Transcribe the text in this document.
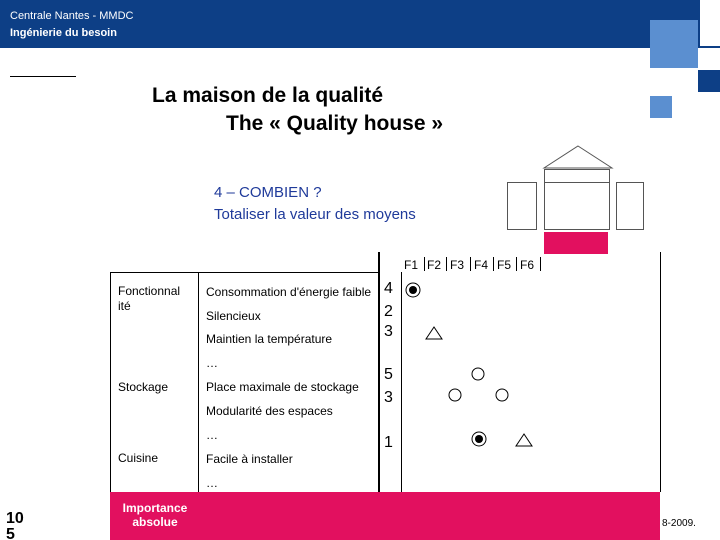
Centrale Nantes - MMDC
Ingénierie du besoin
La maison de la qualité
The « Quality house »
4 – COMBIEN ?
Totaliser la valeur des moyens
F1 F2 F3 F4 F5 F6
Fonctionnal
ité
Stockage
Cuisine
Consommation d'énergie faible
Silencieux
Maintien la température
…
Place maximale de stockage
Modularité des espaces
…
Facile à installer
…
4
2
3
5
3
1
Importance
absolue
10
5
8-2009.
